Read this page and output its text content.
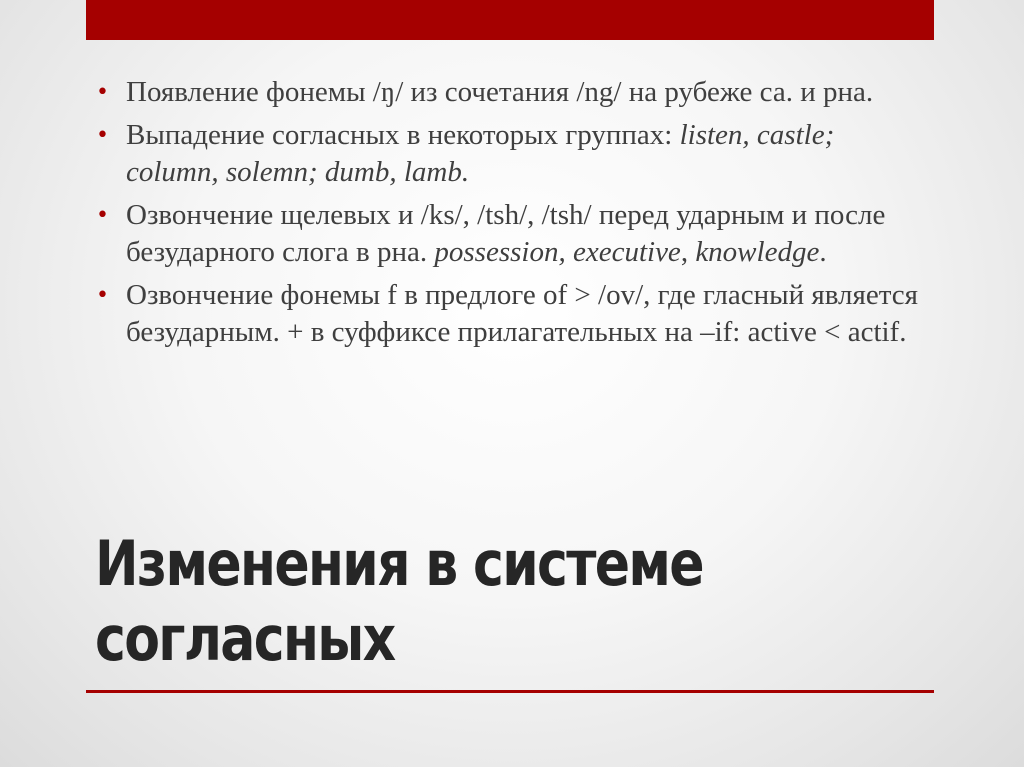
• Появление фонемы /ŋ/ из сочетания /ng/ на рубеже са. и рна.
• Выпадение согласных в некоторых группах: listen, castle; column, solemn; dumb, lamb.
• Озвончение щелевых и /ks/, /tsh/, /tsh/ перед ударным и после безударного слога в рна. possession, executive, knowledge.
• Озвончение фонемы f в предлоге of > /ov/, где гласный является безударным. + в суффиксе прилагательных на –if: active < actif.
Изменения в системе
согласных
